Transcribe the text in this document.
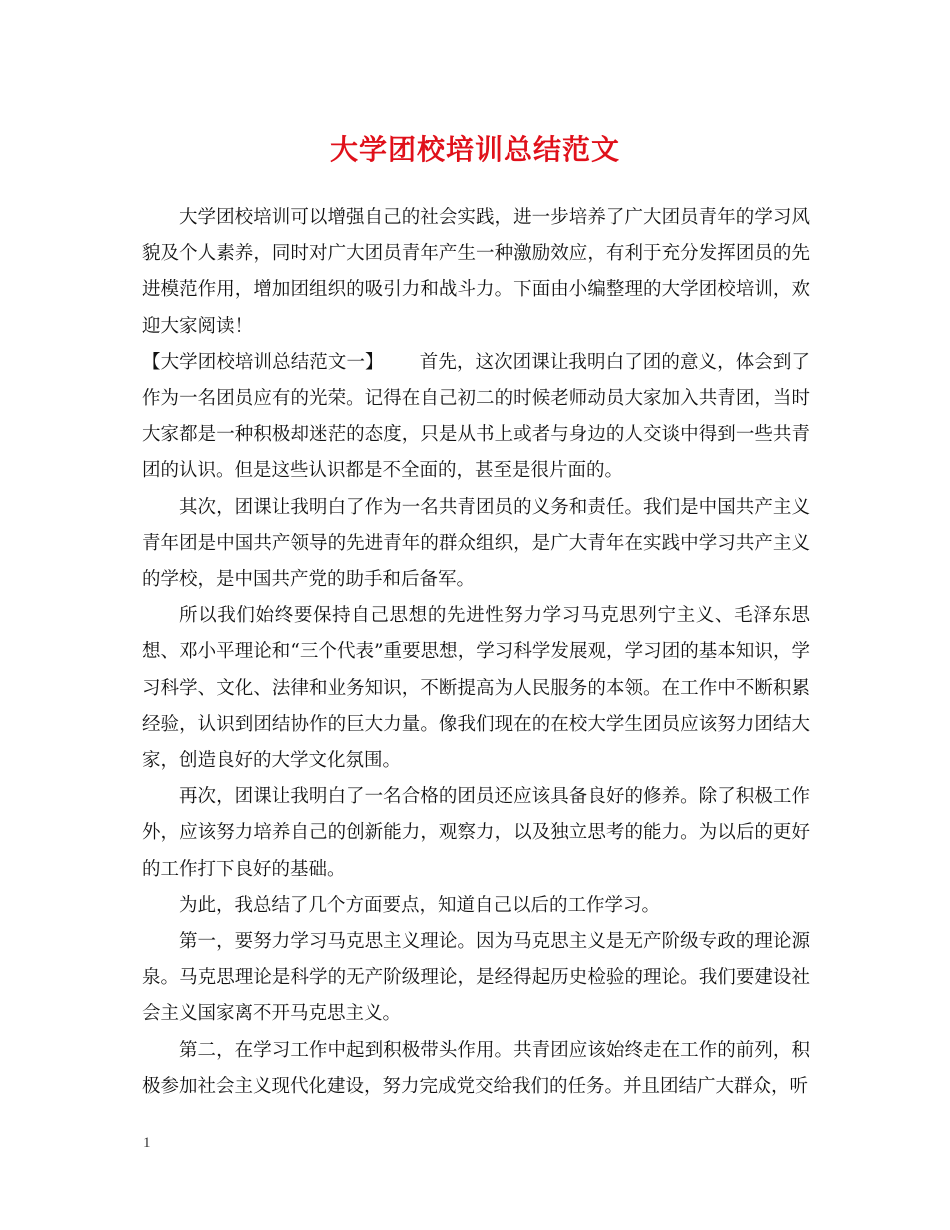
大学团校培训总结范文

大学团校培训可以增强自己的社会实践，进一步培养了广大团员青年的学习风貌及个人素养，同时对广大团员青年产生一种激励效应，有利于充分发挥团员的先进模范作用，增加团组织的吸引力和战斗力。下面由小编整理的大学团校培训，欢迎大家阅读！

【大学团校培训总结范文一】 首先，这次团课让我明白了团的意义，体会到了作为一名团员应有的光荣。记得在自己初二的时候老师动员大家加入共青团，当时大家都是一种积极却迷茫的态度，只是从书上或者与身边的人交谈中得到一些共青团的认识。但是这些认识都是不全面的，甚至是很片面的。

其次，团课让我明白了作为一名共青团员的义务和责任。我们是中国共产主义青年团是中国共产领导的先进青年的群众组织，是广大青年在实践中学习共产主义的学校，是中国共产党的助手和后备军。

所以我们始终要保持自己思想的先进性努力学习马克思列宁主义、毛泽东思想、邓小平理论和“三个代表”重要思想，学习科学发展观，学习团的基本知识，学习科学、文化、法律和业务知识，不断提高为人民服务的本领。在工作中不断积累经验，认识到团结协作的巨大力量。像我们现在的在校大学生团员应该努力团结大家，创造良好的大学文化氛围。

再次，团课让我明白了一名合格的团员还应该具备良好的修养。除了积极工作外，应该努力培养自己的创新能力，观察力，以及独立思考的能力。为以后的更好的工作打下良好的基础。

为此，我总结了几个方面要点，知道自己以后的工作学习。

第一，要努力学习马克思主义理论。因为马克思主义是无产阶级专政的理论源泉。马克思理论是科学的无产阶级理论，是经得起历史检验的理论。我们要建设社会主义国家离不开马克思主义。

第二，在学习工作中起到积极带头作用。共青团应该始终走在工作的前列，积极参加社会主义现代化建设，努力完成党交给我们的任务。并且团结广大群众，听

1
